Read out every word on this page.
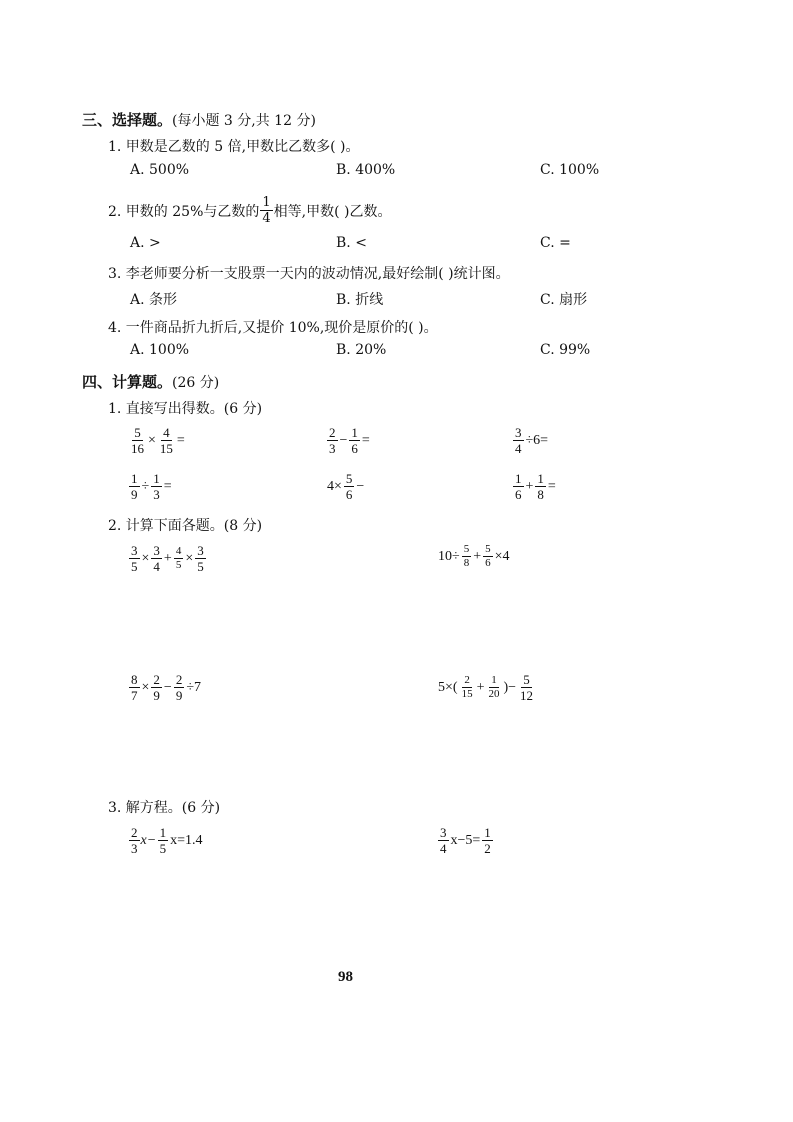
三、选择题。(每小题 3 分,共 12 分)
1. 甲数是乙数的 5 倍,甲数比乙数多( )。
A. 500%	B. 400%	C. 100%
2. 甲数的 25%与乙数的 $\frac{1}{4}$ 相等,甲数( )乙数。
A. >	B. <	C. =
3. 李老师要分析一支股票一天内的波动情况,最好绘制( )统计图。
A. 条形	B. 折线	C. 扇形
4. 一件商品折九折后,又提价 10%,现价是原价的( )。
A. 100%	B. 20%	C. 99%
四、计算题。(26 分)
1. 直接写出得数。(6 分)
$\frac{5}{16} \times \frac{4}{15}$ =	$\frac{2}{3} - \frac{1}{6}$ =	$\frac{3}{4} \div 6=$
$\frac{1}{9} \div \frac{1}{3}$ =	$4\times \frac{5}{6}$ −	$\frac{1}{6} + \frac{1}{8}$ =
2. 计算下面各题。(8 分)
$\frac{3}{5} \times \frac{3}{4} + \frac{4}{5} \times \frac{3}{5}$	$10\div \frac{5}{8} + \frac{5}{6} \times 4$
$\frac{8}{7} \times \frac{2}{9} - \frac{2}{9} \div 7$	$5\times( \frac{2}{15} + \frac{1}{20}$ )− $\frac{5}{12}$
3. 解方程。(6 分)
$\frac{2}{3}$ $x - \frac{1}{5} x=1.4$	$\frac{3}{4} x-5= \frac{1}{2}$
98
